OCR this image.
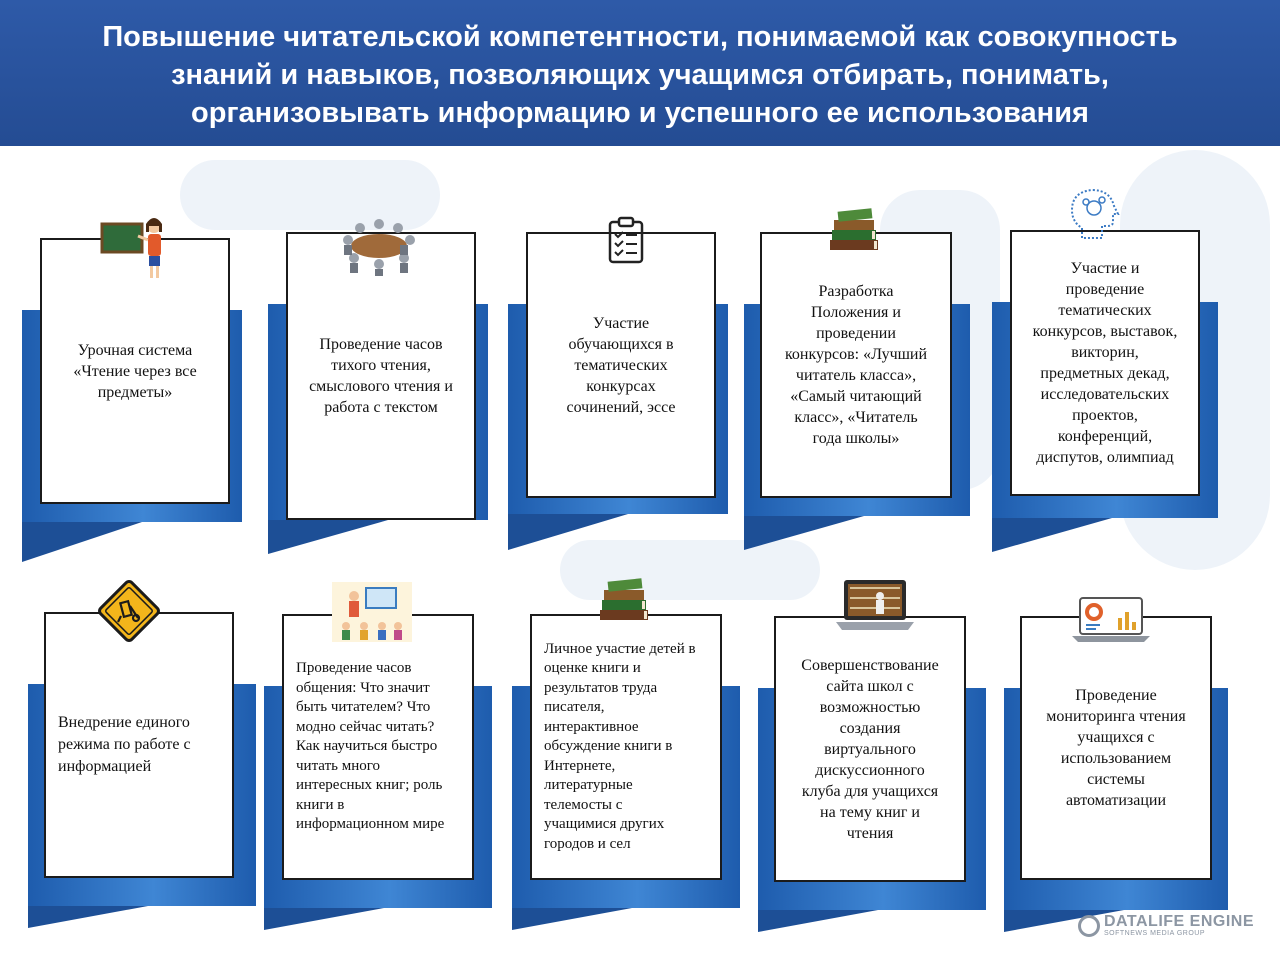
Повышение читательской компетентности, понимаемой как совокупность
знаний и навыков, позволяющих учащимся отбирать, понимать,
организовывать информацию и успешного ее использования
Урочная система
«Чтение через все
предметы»
Проведение часов
тихого чтения,
смыслового чтения и
работа с текстом
Участие
обучающихся в
тематических
конкурсах
сочинений, эссе
Разработка
Положения и
проведении
конкурсов: «Лучший
читатель класса»,
«Самый читающий
класс», «Читатель
года школы»
Участие и
проведение
тематических
конкурсов, выставок,
викторин,
предметных декад,
исследовательских
проектов,
конференций,
диспутов, олимпиад
Внедрение единого
режима по работе с
информацией
Проведение часов
общения: Что значит
быть читателем? Что
модно сейчас читать?
Как научиться быстро
читать много
интересных книг; роль
книги в
информационном мире
Личное участие детей в
оценке книги и
результатов труда
писателя,
интерактивное
обсуждение книги в
Интернете,
литературные
телемосты с
учащимися других
городов и сел
Совершенствование
сайта школ с
возможностью
создания
виртуального
дискуссионного
клуба для учащихся
на тему книг и
чтения
Проведение
мониторинга чтения
учащихся с
использованием
системы
автоматизации
DATALIFE ENGINE
SOFTNEWS MEDIA GROUP
